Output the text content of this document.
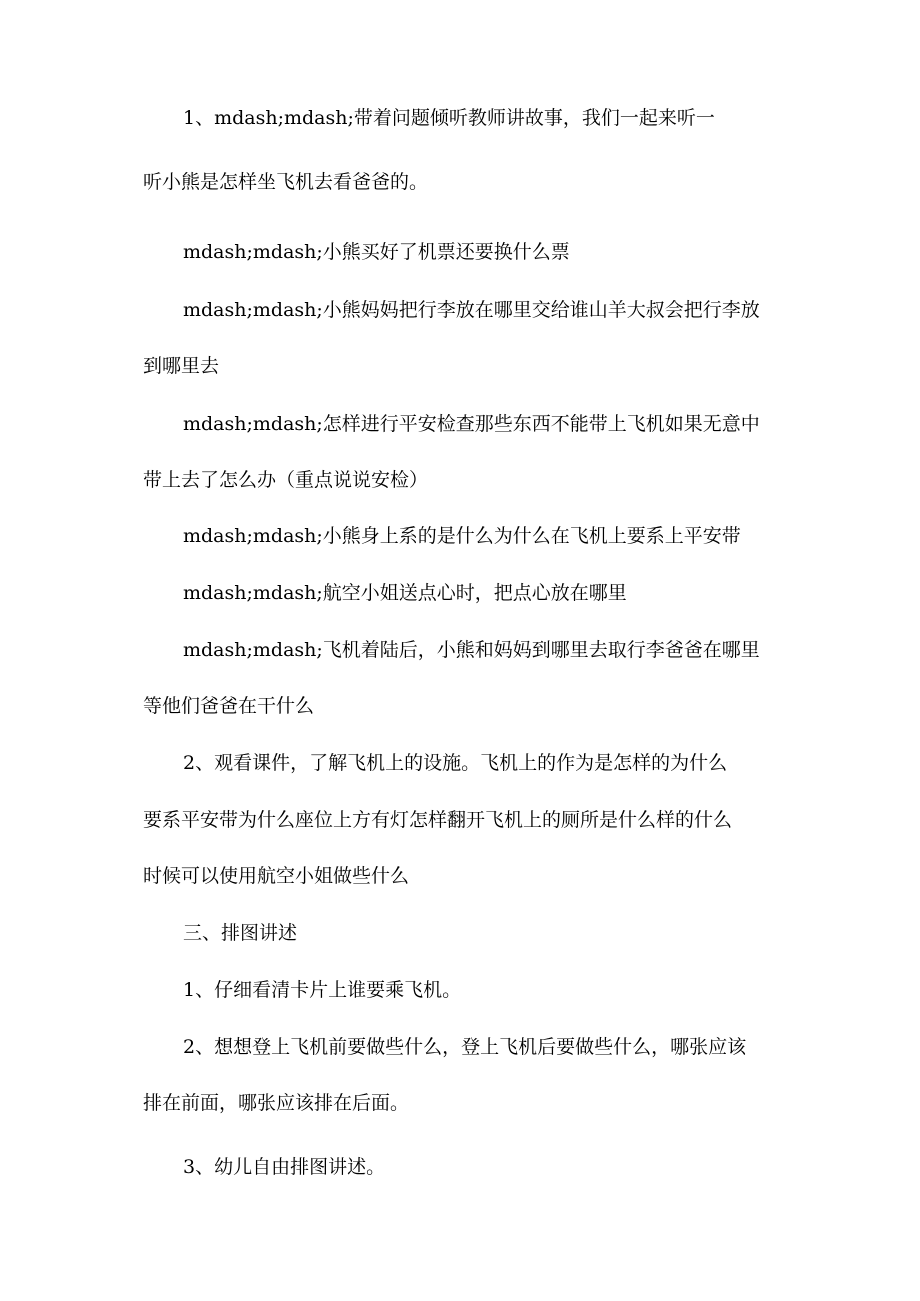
1、mdash;mdash;带着问题倾听教师讲故事，我们一起来听一
听小熊是怎样坐飞机去看爸爸的。
mdash;mdash;小熊买好了机票还要换什么票
mdash;mdash;小熊妈妈把行李放在哪里交给谁山羊大叔会把行李放
到哪里去
mdash;mdash;怎样进行平安检查那些东西不能带上飞机如果无意中
带上去了怎么办（重点说说安检）
mdash;mdash;小熊身上系的是什么为什么在飞机上要系上平安带
mdash;mdash;航空小姐送点心时，把点心放在哪里
mdash;mdash;飞机着陆后，小熊和妈妈到哪里去取行李爸爸在哪里
等他们爸爸在干什么
2、观看课件，了解飞机上的设施。飞机上的作为是怎样的为什么
要系平安带为什么座位上方有灯怎样翻开飞机上的厕所是什么样的什么
时候可以使用航空小姐做些什么
三、排图讲述
1、仔细看清卡片上谁要乘飞机。
2、想想登上飞机前要做些什么，登上飞机后要做些什么，哪张应该
排在前面，哪张应该排在后面。
3、幼儿自由排图讲述。
